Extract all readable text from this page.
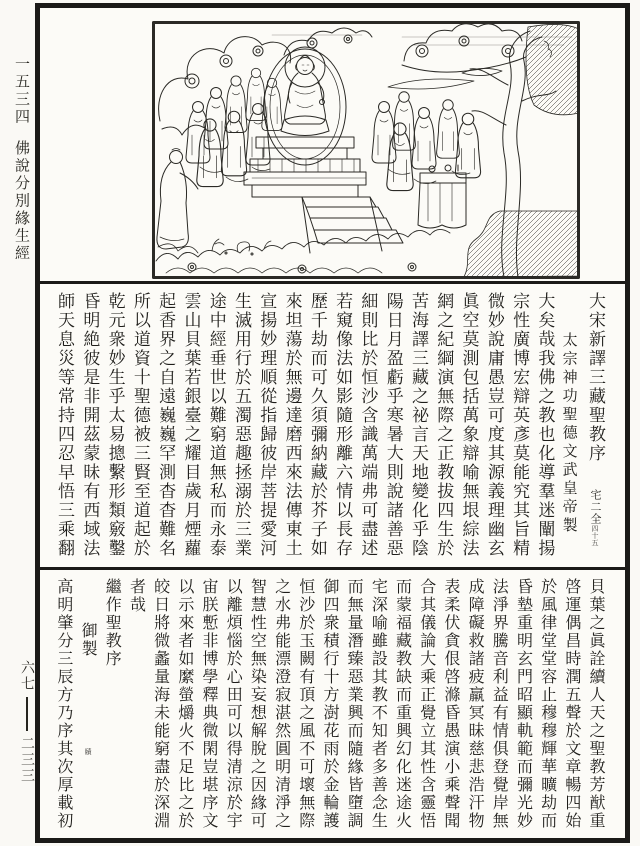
一五三四佛說分別緣生經
六七二三三
大宋新譯三藏聖教序宅二全四十五
太宗神功聖德文武皇帝製
大矣哉我佛之教也化導羣迷闡揚
宗性廣博宏辯英彥莫能究其旨精
微妙說庸愚豈可度其源義理幽玄
眞空莫測包括萬象辯喻無垠綜法
網之紀綱演無際之正教拔四生於
苦海譯三藏之祕言天地變化乎陰
陽日月盈虧乎寒暑大則說諸善惡
細則比於恒沙含識萬端弗可盡述
若窺像法如影隨形離六情以長存
歷千劫而可久須彌納藏於芥子如
來坦蕩於無邊達磨西來法傳東土
宣揚妙理順從指歸彼岸菩提愛河
生滅用行於五濁惡趣拯溺於三業
途中經垂世以難窮道無私而永泰
雲山貝葉若銀臺之耀目歲月煙蘿
起香界之自遠巍巍罕測杳杳難名
所以道資十聖德被三賢至道起於
乾元衆妙生乎太易摠繫形類竅鑿
昏明絶彼是非開茲蒙昧有西域法
師天息災等常持四忍早悟三乘翻
貝葉之眞詮續人天之聖教芳猷重
啓運偶昌時潤五聲於文章暢四始
於風律堂堂容止穆穆輝華曠劫而
昏墊重明玄門昭顯軌範而彌光妙
法淨界騰音利益有情俱登覺岸無
成障礙救諸疲羸冥昧慈悲浩汗物
表柔伏貪佷啓滌昏愚演小乘聲聞
合其儀論大乘正覺立其性含靈悟
而蒙福藏教缺而重興幻化迷途火
宅深喻雖設其教不知者多善念生
而無量潛臻惡業興而隨緣皆墮調
御四衆積行十方澍花雨於金輪護
恒沙於玉闕有頂之風不可壞無際
之水弗能漂澄寂湛然圓明清淨之
智慧性空無染妄想解脫之因緣可
以離煩惱於心田可以得清涼於宇
宙朕慙非博學釋典微閑豈堪序文
以示來者如縻螢爝火不足比之於
皎日將微蠡量海未能窮盡於深淵
者哉
繼作聖教序
御製賾
高明肇分三辰方乃序其次厚載初
